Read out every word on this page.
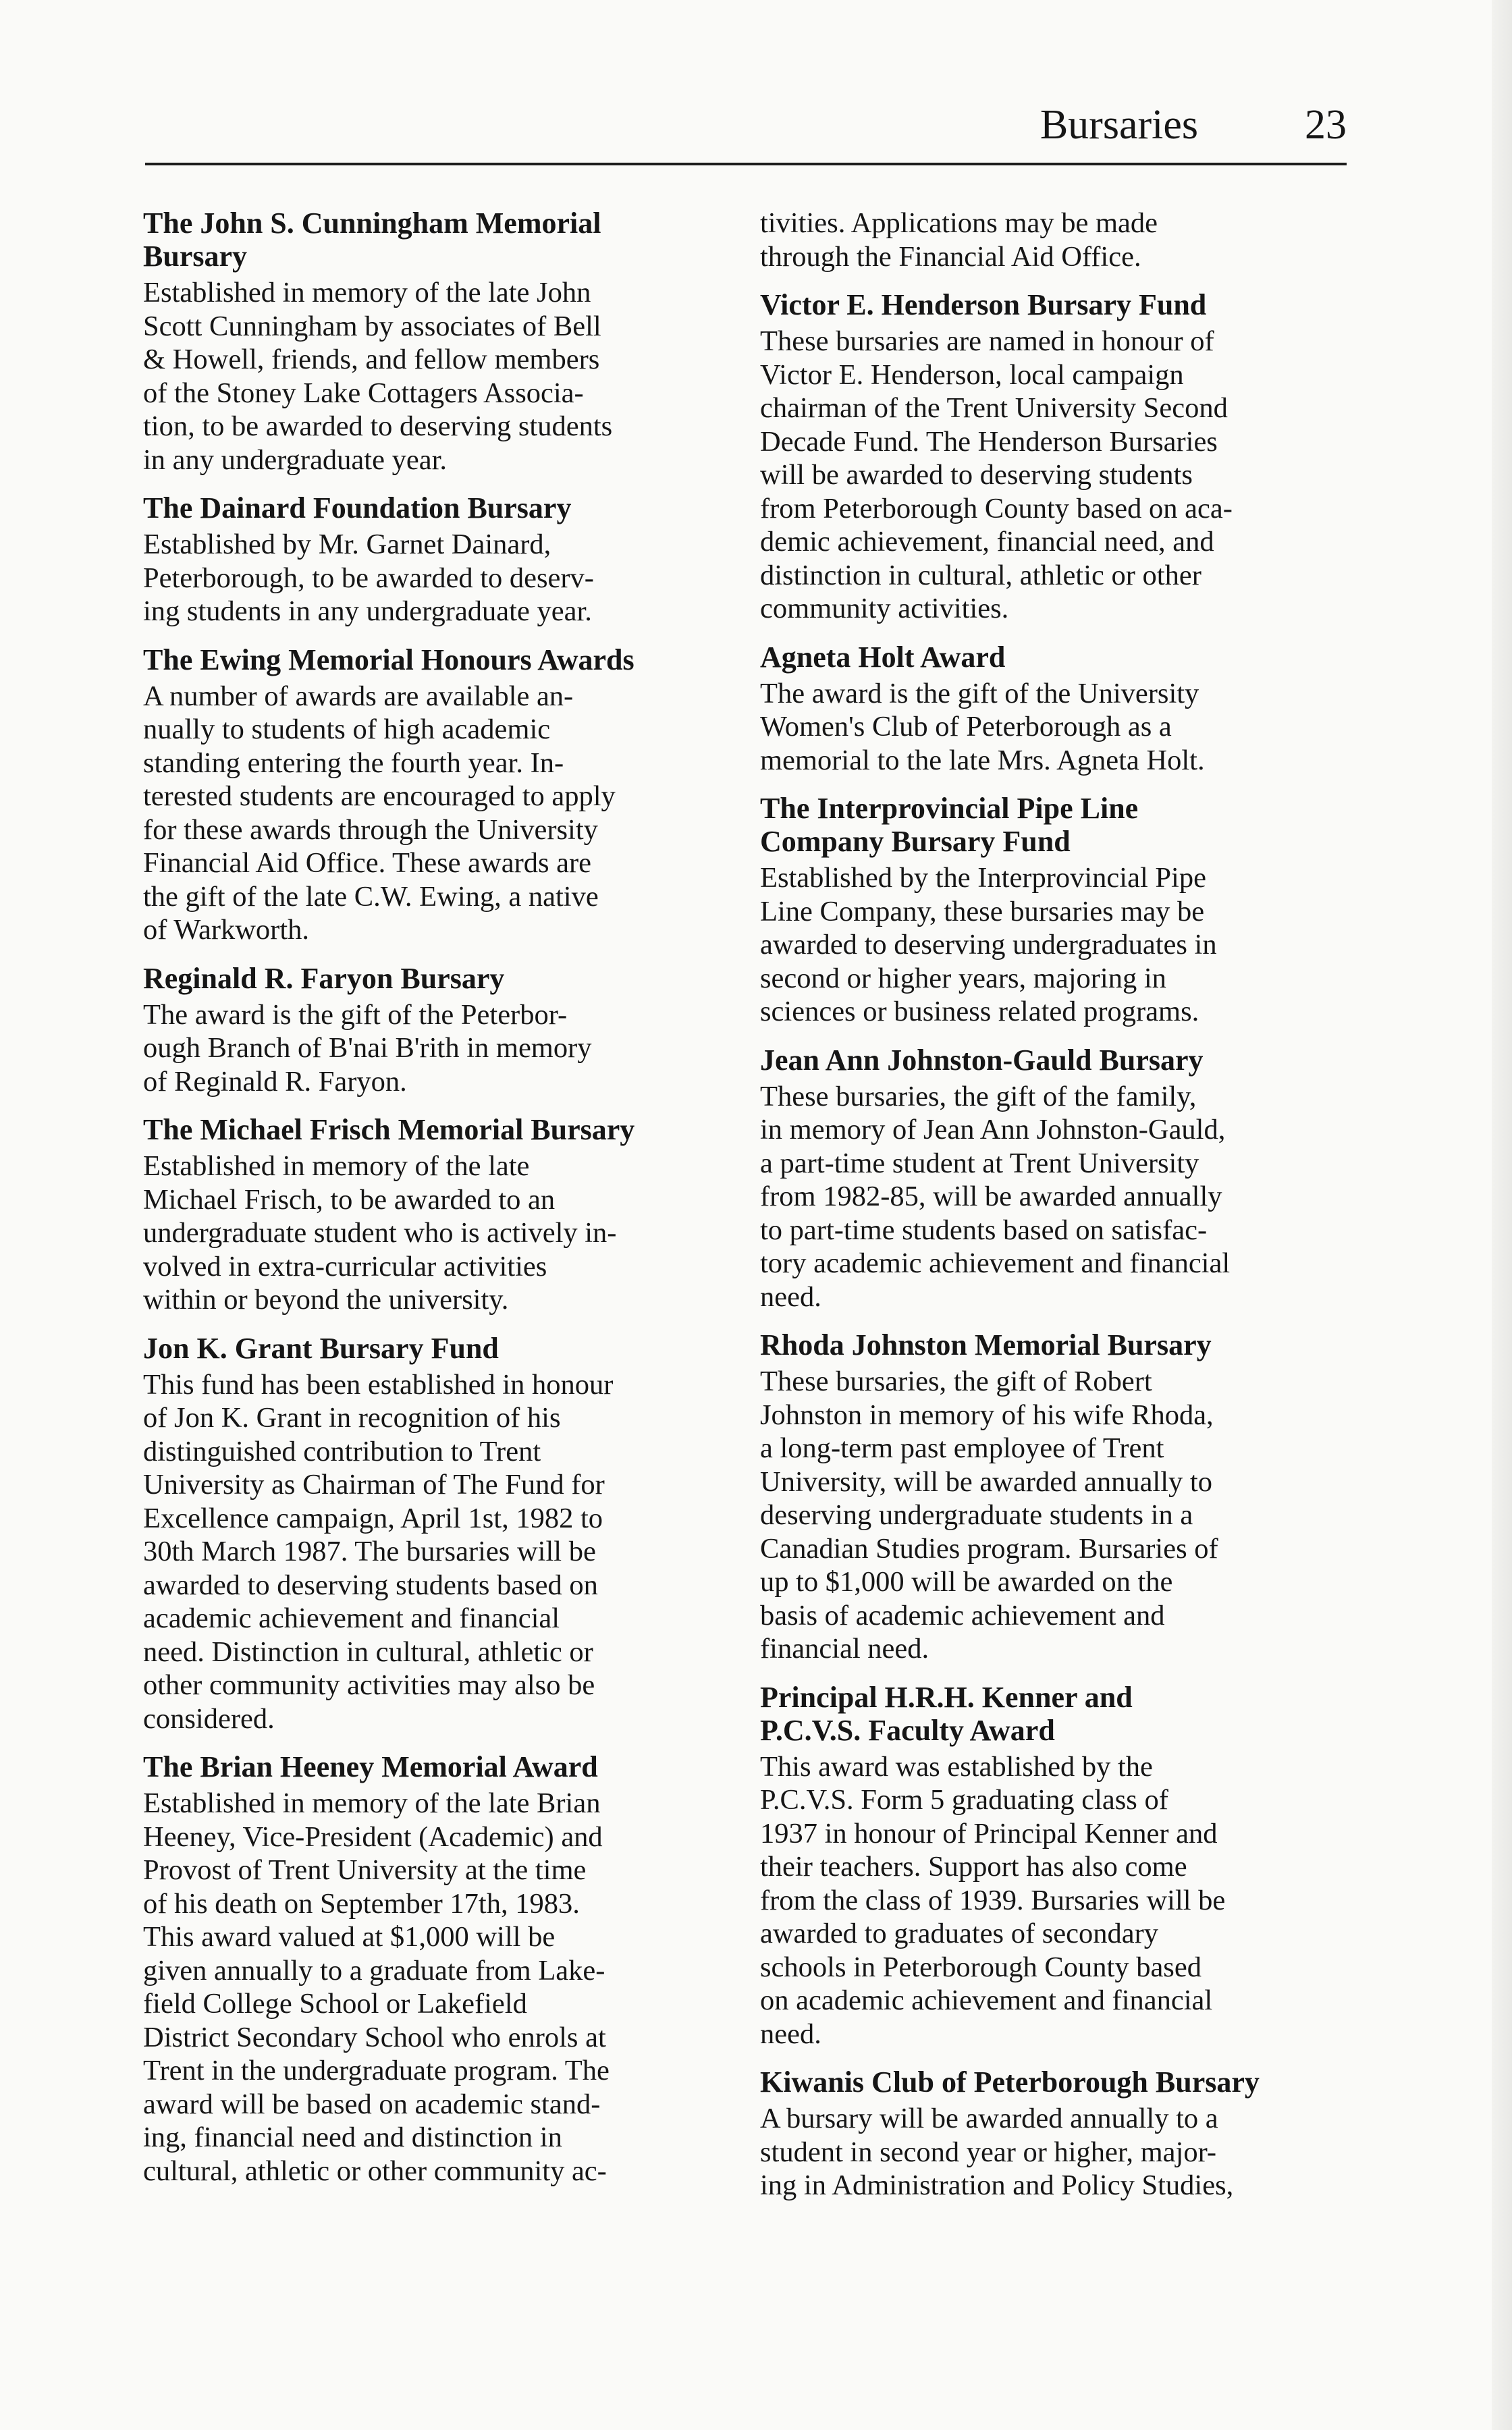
Bursaries	23
The John S. Cunningham Memorial
Bursary

Established in memory of the late John
Scott Cunningham by associates of Bell
& Howell, friends, and fellow members
of the Stoney Lake Cottagers Associa-
tion, to be awarded to deserving students
in any undergraduate year.

The Dainard Foundation Bursary

Established by Mr. Garnet Dainard,
Peterborough, to be awarded to deserv-
ing students in any undergraduate year.

The Ewing Memorial Honours Awards

A number of awards are available an-
nually to students of high academic
standing entering the fourth year. In-
terested students are encouraged to apply
for these awards through the University
Financial Aid Office. These awards are
the gift of the late C.W. Ewing, a native
of Warkworth.

Reginald R. Faryon Bursary

The award is the gift of the Peterbor-
ough Branch of B'nai B'rith in memory
of Reginald R. Faryon.

The Michael Frisch Memorial Bursary

Established in memory of the late
Michael Frisch, to be awarded to an
undergraduate student who is actively in-
volved in extra-curricular activities
within or beyond the university.

Jon K. Grant Bursary Fund

This fund has been established in honour
of Jon K. Grant in recognition of his
distinguished contribution to Trent
University as Chairman of The Fund for
Excellence campaign, April 1st, 1982 to
30th March 1987. The bursaries will be
awarded to deserving students based on
academic achievement and financial
need. Distinction in cultural, athletic or
other community activities may also be
considered.

The Brian Heeney Memorial Award

Established in memory of the late Brian
Heeney, Vice-President (Academic) and
Provost of Trent University at the time
of his death on September 17th, 1983.
This award valued at $1,000 will be
given annually to a graduate from Lake-
field College School or Lakefield
District Secondary School who enrols at
Trent in the undergraduate program. The
award will be based on academic stand-
ing, financial need and distinction in
cultural, athletic or other community ac-

tivities. Applications may be made
through the Financial Aid Office.

Victor E. Henderson Bursary Fund

These bursaries are named in honour of
Victor E. Henderson, local campaign
chairman of the Trent University Second
Decade Fund. The Henderson Bursaries
will be awarded to deserving students
from Peterborough County based on aca-
demic achievement, financial need, and
distinction in cultural, athletic or other
community activities.

Agneta Holt Award

The award is the gift of the University
Women's Club of Peterborough as a
memorial to the late Mrs. Agneta Holt.

The Interprovincial Pipe Line
Company Bursary Fund

Established by the Interprovincial Pipe
Line Company, these bursaries may be
awarded to deserving undergraduates in
second or higher years, majoring in
sciences or business related programs.

Jean Ann Johnston-Gauld Bursary

These bursaries, the gift of the family,
in memory of Jean Ann Johnston-Gauld,
a part-time student at Trent University
from 1982-85, will be awarded annually
to part-time students based on satisfac-
tory academic achievement and financial
need.

Rhoda Johnston Memorial Bursary

These bursaries, the gift of Robert
Johnston in memory of his wife Rhoda,
a long-term past employee of Trent
University, will be awarded annually to
deserving undergraduate students in a
Canadian Studies program. Bursaries of
up to $1,000 will be awarded on the
basis of academic achievement and
financial need.

Principal H.R.H. Kenner and
P.C.V.S. Faculty Award

This award was established by the
P.C.V.S. Form 5 graduating class of
1937 in honour of Principal Kenner and
their teachers. Support has also come
from the class of 1939. Bursaries will be
awarded to graduates of secondary
schools in Peterborough County based
on academic achievement and financial
need.

Kiwanis Club of Peterborough Bursary

A bursary will be awarded annually to a
student in second year or higher, major-
ing in Administration and Policy Studies,
